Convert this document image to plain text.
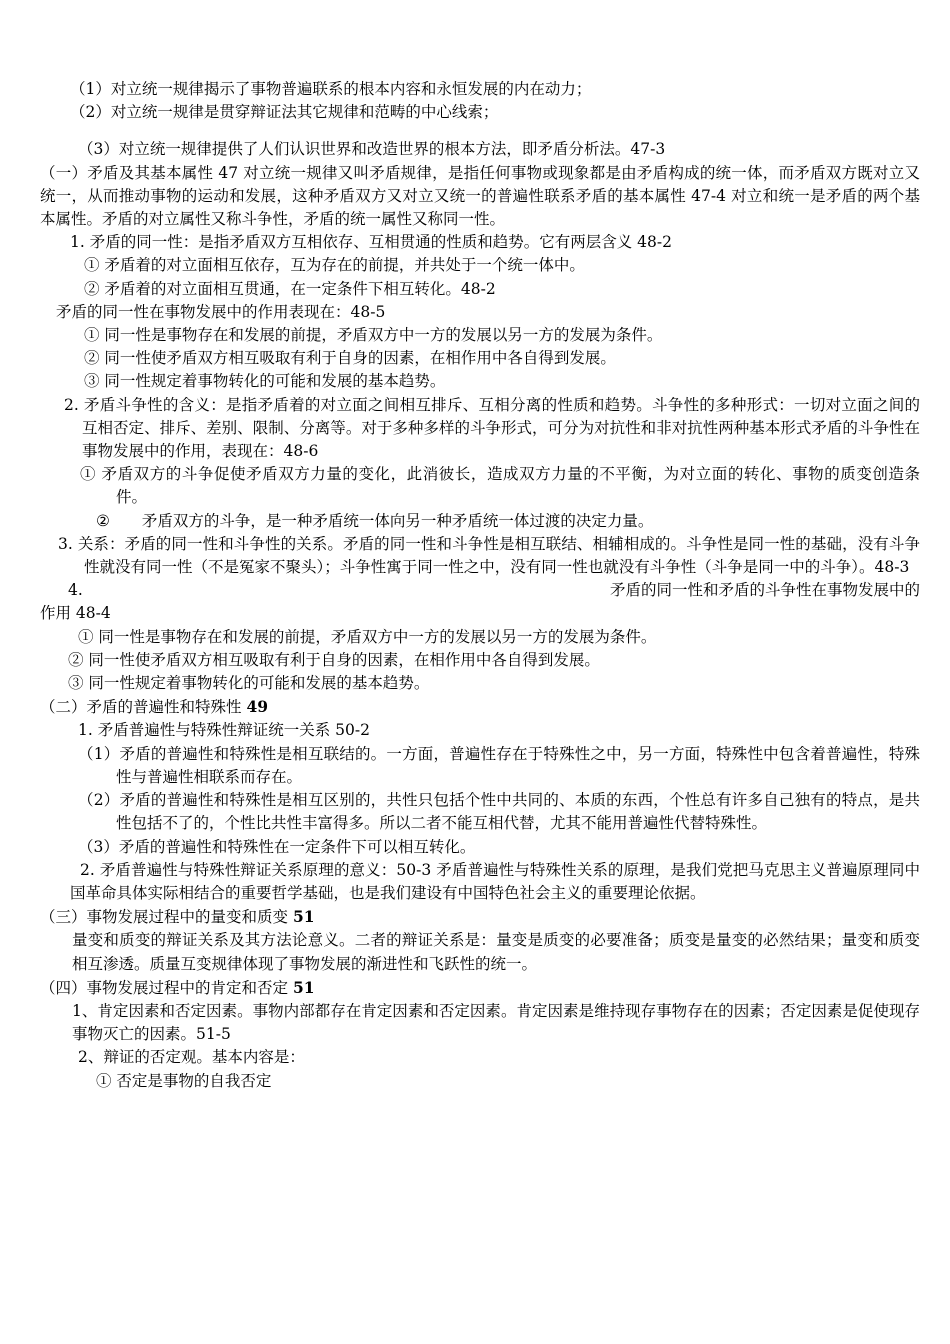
（1）对立统一规律揭示了事物普遍联系的根本内容和永恒发展的内在动力；
（2）对立统一规律是贯穿辩证法其它规律和范畴的中心线索；
（3）对立统一规律提供了人们认识世界和改造世界的根本方法，即矛盾分析法。47-3
（一）矛盾及其基本属性 47 对立统一规律又叫矛盾规律，是指任何事物或现象都是由矛盾构成的统一体，而矛盾双方既对立又统一，从而推动事物的运动和发展，这种矛盾双方又对立又统一的普遍性联系矛盾的基本属性 47-4 对立和统一是矛盾的两个基本属性。矛盾的对立属性又称斗争性，矛盾的统一属性又称同一性。
1. 矛盾的同一性：是指矛盾双方互相依存、互相贯通的性质和趋势。它有两层含义 48-2
① 矛盾着的对立面相互依存，互为存在的前提，并共处于一个统一体中。
② 矛盾着的对立面相互贯通，在一定条件下相互转化。48-2
矛盾的同一性在事物发展中的作用表现在：48-5
① 同一性是事物存在和发展的前提，矛盾双方中一方的发展以另一方的发展为条件。
② 同一性使矛盾双方相互吸取有利于自身的因素，在相作用中各自得到发展。
③ 同一性规定着事物转化的可能和发展的基本趋势。
2. 矛盾斗争性的含义：是指矛盾着的对立面之间相互排斥、互相分离的性质和趋势。斗争性的多种形式：一切对立面之间的互相否定、排斥、差别、限制、分离等。对于多种多样的斗争形式，可分为对抗性和非对抗性两种基本形式矛盾的斗争性在事物发展中的作用，表现在：48-6
① 矛盾双方的斗争促使矛盾双方力量的变化，此消彼长，造成双方力量的不平衡，为对立面的转化、事物的质变创造条件。
② 矛盾双方的斗争，是一种矛盾统一体向另一种矛盾统一体过渡的决定力量。
3. 关系：矛盾的同一性和斗争性的关系。矛盾的同一性和斗争性是相互联结、相辅相成的。斗争性是同一性的基础，没有斗争性就没有同一性（不是冤家不聚头）；斗争性寓于同一性之中，没有同一性也就没有斗争性（斗争是同一中的斗争）。48-3
4.	矛盾的同一性和矛盾的斗争性在事物发展中的
作用 48-4
① 同一性是事物存在和发展的前提，矛盾双方中一方的发展以另一方的发展为条件。
② 同一性使矛盾双方相互吸取有利于自身的因素，在相作用中各自得到发展。
③ 同一性规定着事物转化的可能和发展的基本趋势。
（二）矛盾的普遍性和特殊性 49
1. 矛盾普遍性与特殊性辩证统一关系 50-2
（1）矛盾的普遍性和特殊性是相互联结的。一方面，普遍性存在于特殊性之中，另一方面，特殊性中包含着普遍性，特殊性与普遍性相联系而存在。
（2）矛盾的普遍性和特殊性是相互区别的，共性只包括个性中共同的、本质的东西，个性总有许多自己独有的特点，是共性包括不了的，个性比共性丰富得多。所以二者不能互相代替，尤其不能用普遍性代替特殊性。
（3）矛盾的普遍性和特殊性在一定条件下可以相互转化。
2. 矛盾普遍性与特殊性辩证关系原理的意义：50-3 矛盾普遍性与特殊性关系的原理，是我们党把马克思主义普遍原理同中国革命具体实际相结合的重要哲学基础，也是我们建设有中国特色社会主义的重要理论依据。
（三）事物发展过程中的量变和质变 51
量变和质变的辩证关系及其方法论意义。二者的辩证关系是：量变是质变的必要准备；质变是量变的必然结果；量变和质变相互渗透。质量互变规律体现了事物发展的渐进性和飞跃性的统一。
（四）事物发展过程中的肯定和否定 51
1、肯定因素和否定因素。事物内部都存在肯定因素和否定因素。肯定因素是维持现存事物存在的因素；否定因素是促使现存事物灭亡的因素。51-5
2、辩证的否定观。基本内容是：
① 否定是事物的自我否定
